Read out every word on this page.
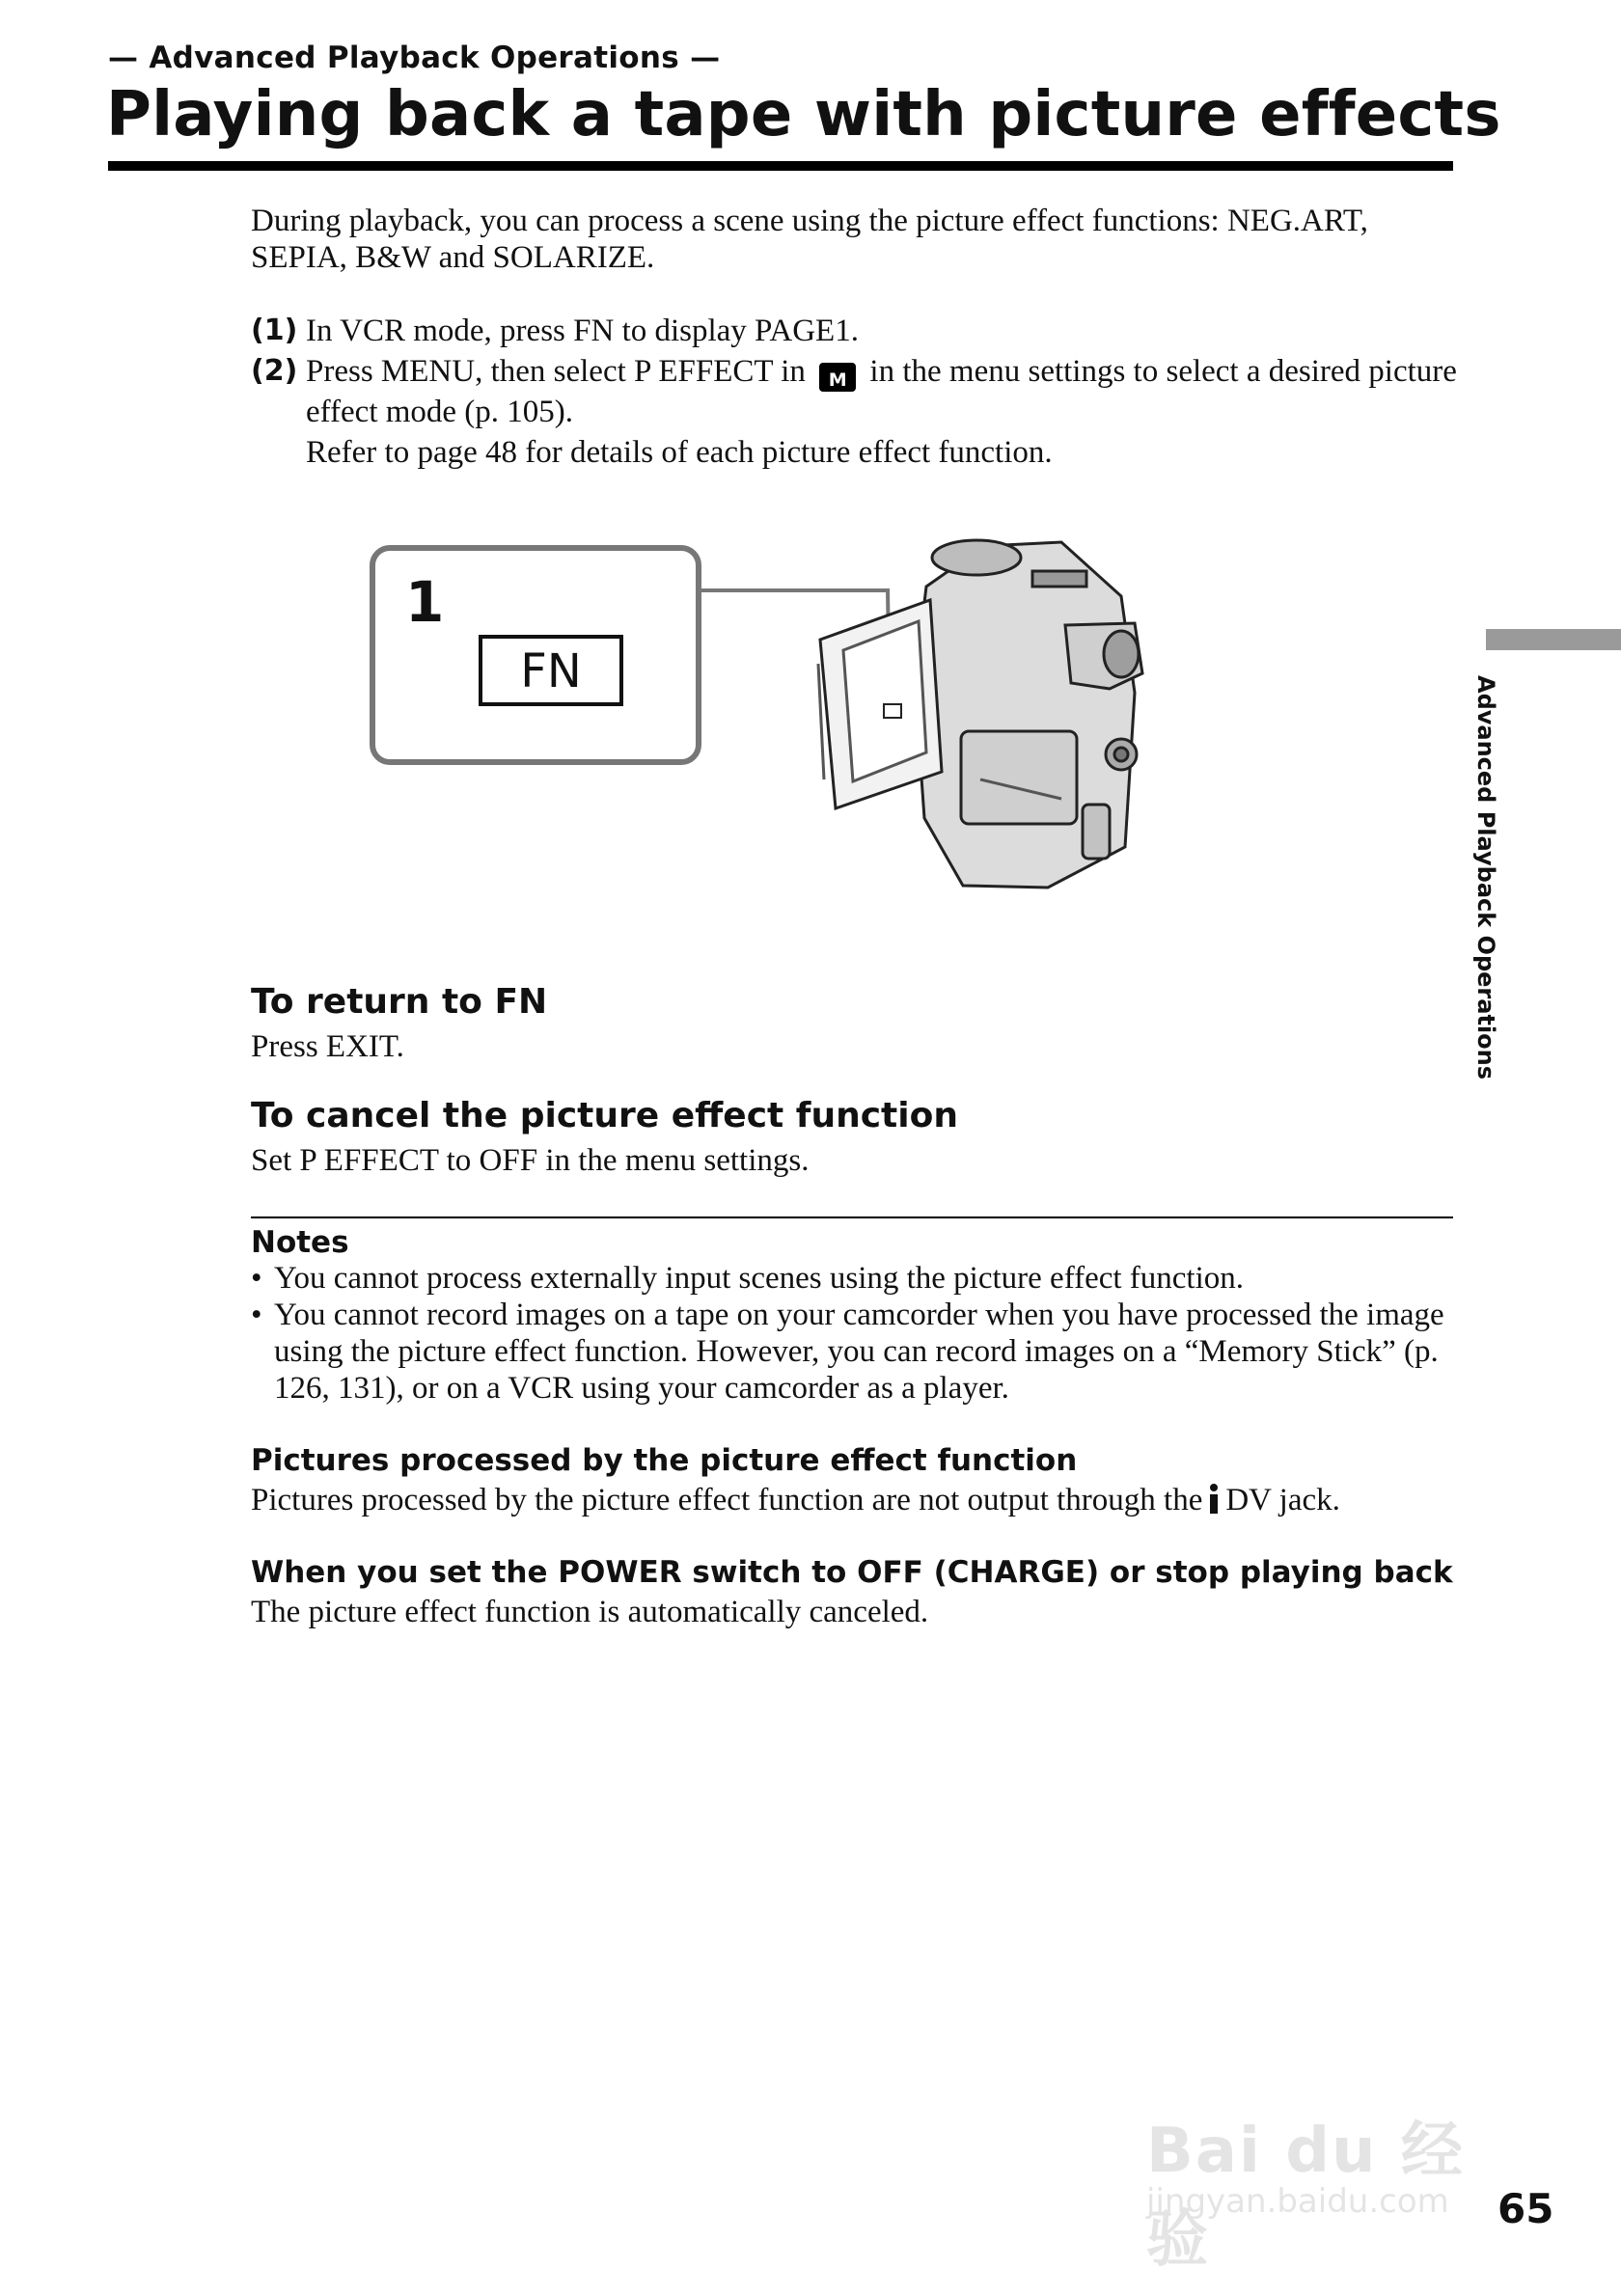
— Advanced Playback Operations —
Playing back a tape with picture effects
During playback, you can process a scene using the picture effect functions: NEG.ART, SEPIA, B&W and SOLARIZE.
(1) In VCR mode, press FN to display PAGE1.
(2) Press MENU, then select P EFFECT in M in the menu settings to select a desired picture effect mode (p. 105).
Refer to page 48 for details of each picture effect function.
1
FN
To return to FN
Press EXIT.
To cancel the picture effect function
Set P EFFECT to OFF in the menu settings.
Notes
• You cannot process externally input scenes using the picture effect function.
• You cannot record images on a tape on your camcorder when you have processed the image using the picture effect function. However, you can record images on a “Memory Stick” (p. 126, 131), or on a VCR using your camcorder as a player.
Pictures processed by the picture effect function
Pictures processed by the picture effect function are not output through the DV jack.
When you set the POWER switch to OFF (CHARGE) or stop playing back
The picture effect function is automatically canceled.
Advanced Playback Operations
Bai du 经验
jingyan.baidu.com 65
